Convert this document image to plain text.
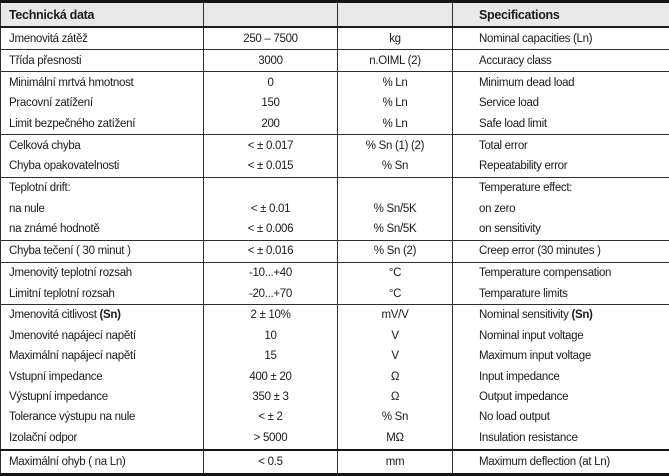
Technická data			Specifications
Jmenovitá zátěž	250 – 7500	kg	Nominal capacities (Ln)
Třída přesnosti	3000	n.OIML (2)	Accuracy class
Minimální mrtvá hmotnost	0	% Ln	Minimum dead load
Pracovní zatížení	150	% Ln	Service load
Limit bezpečného zatížení	200	% Ln	Safe load limit
Celková chyba	< ± 0.017	% Sn (1) (2)	Total error
Chyba opakovatelnosti	< ± 0.015	% Sn	Repeatability error
Teplotní drift:			Temperature effect:
na nule	< ± 0.01	% Sn/5K	on zero
na známé hodnotě	< ± 0.006	% Sn/5K	on sensitivity
Chyba tečení ( 30 minut )	< ± 0.016	% Sn (2)	Creep error (30 minutes )
Jmenovitý teplotní rozsah	-10...+40	°C	Temperature compensation
Limitní teplotní rozsah	-20...+70	°C	Temparature limits
Jmenovitá citlivost (Sn)	2 ± 10%	mV/V	Nominal sensitivity (Sn)
Jmenovité napájecí napětí	10	V	Nominal input voltage
Maximální napájecí napětí	15	V	Maximum input voltage
Vstupní impedance	400 ± 20	Ω	Input impedance
Výstupní impedance	350 ± 3	Ω	Output impedance
Tolerance výstupu na nule	< ± 2	% Sn	No load output
Izolační odpor	> 5000	MΩ	Insulation resistance
Maximální ohyb ( na Ln)	< 0.5	mm	Maximum deflection (at Ln)
